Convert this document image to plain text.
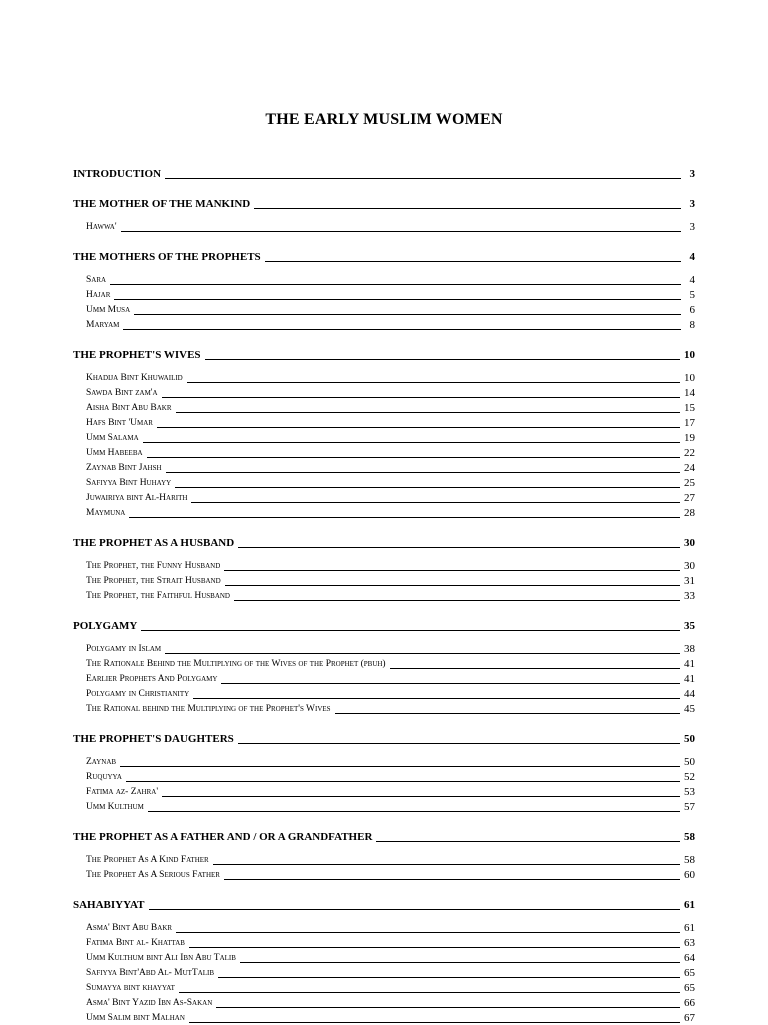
THE EARLY MUSLIM WOMEN
INTRODUCTION	3
THE MOTHER OF THE MANKIND	3
Hawwa'	3
THE MOTHERS OF THE PROPHETS	4
Sara	4
Hajar	5
Umm Musa	6
Maryam	8
THE PROPHET'S WIVES	10
Khadija Bint Khuwailid	10
Sawda Bint zam'a	14
Aisha Bint Abu Bakr	15
Hafs Bint 'Umar	17
Umm Salama	19
Umm Habeeba	22
Zaynab Bint Jahsh	24
Safiyya Bint Huhayy	25
Juwairiya bint Al-Harith	27
Maymuna	28
THE PROPHET AS A HUSBAND	30
The Prophet, the Funny Husband	30
The Prophet, the Strait Husband	31
The Prophet, the Faithful Husband	33
POLYGAMY	35
Polygamy in Islam	38
The Rationale Behind the Multiplying of the Wives of the Prophet (pbuh)	41
Earlier Prophets And Polygamy	41
Polygamy in Christianity	44
The Rational behind the Multiplying of the Prophet's Wives	45
THE PROPHET'S DAUGHTERS	50
Zaynab	50
Ruquyya	52
Fatima az- Zahra'	53
Umm Kulthum	57
THE PROPHET AS A FATHER AND / OR A GRANDFATHER	58
The Prophet As A Kind Father	58
The Prophet As A Serious Father	60
SAHABIYYAT	61
Asma' Bint Abu Bakr	61
Fatima Bint al- Khattab	63
Umm Kulthum bint Ali Ibn Abu Talib	64
Safiyya Bint'Abd Al- MutTalib	65
Sumayya bint khayyat	65
Asma' Bint Yazid Ibn As-Sakan	66
Umm Salim bint Malhan	67
